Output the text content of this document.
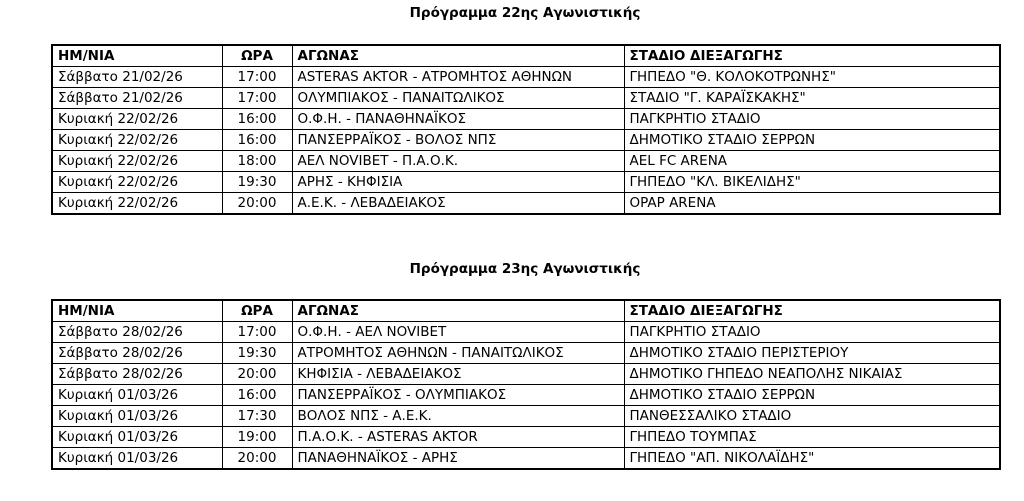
Πρόγραμμα 22ης Αγωνιστικής
ΗΜ/ΝΙΑ	ΩΡΑ	ΑΓΩΝΑΣ	ΣΤΑΔΙΟ ΔΙΕΞΑΓΩΓΗΣ
Σάββατο 21/02/26	17:00	ASTERAS AKTOR - ΑΤΡΟΜΗΤΟΣ ΑΘΗΝΩΝ	ΓΗΠΕΔΟ "Θ. ΚΟΛΟΚΟΤΡΩΝΗΣ"
Σάββατο 21/02/26	17:00	ΟΛΥΜΠΙΑΚΟΣ - ΠΑΝΑΙΤΩΛΙΚΟΣ	ΣΤΑΔΙΟ "Γ. ΚΑΡΑΪΣΚΑΚΗΣ"
Κυριακή 22/02/26	16:00	Ο.Φ.Η. - ΠΑΝΑΘΗΝΑΪΚΟΣ	ΠΑΓΚΡΗΤΙΟ ΣΤΑΔΙΟ
Κυριακή 22/02/26	16:00	ΠΑΝΣΕΡΡΑΪΚΟΣ - ΒΟΛΟΣ ΝΠΣ	ΔΗΜΟΤΙΚΟ ΣΤΑΔΙΟ ΣΕΡΡΩΝ
Κυριακή 22/02/26	18:00	ΑΕΛ NOVIBET - Π.Α.Ο.Κ.	AEL FC ARENA
Κυριακή 22/02/26	19:30	ΑΡΗΣ - ΚΗΦΙΣΙΑ	ΓΗΠΕΔΟ "ΚΛ. ΒΙΚΕΛΙΔΗΣ"
Κυριακή 22/02/26	20:00	Α.Ε.Κ. - ΛΕΒΑΔΕΙΑΚΟΣ	OPAP ARENA
Πρόγραμμα 23ης Αγωνιστικής
ΗΜ/ΝΙΑ	ΩΡΑ	ΑΓΩΝΑΣ	ΣΤΑΔΙΟ ΔΙΕΞΑΓΩΓΗΣ
Σάββατο 28/02/26	17:00	Ο.Φ.Η. - ΑΕΛ NOVIBET	ΠΑΓΚΡΗΤΙΟ ΣΤΑΔΙΟ
Σάββατο 28/02/26	19:30	ΑΤΡΟΜΗΤΟΣ ΑΘΗΝΩΝ - ΠΑΝΑΙΤΩΛΙΚΟΣ	ΔΗΜΟΤΙΚΟ ΣΤΑΔΙΟ ΠΕΡΙΣΤΕΡΙΟΥ
Σάββατο 28/02/26	20:00	ΚΗΦΙΣΙΑ - ΛΕΒΑΔΕΙΑΚΟΣ	ΔΗΜΟΤΙΚΟ ΓΗΠΕΔΟ ΝΕΑΠΟΛΗΣ ΝΙΚΑΙΑΣ
Κυριακή 01/03/26	16:00	ΠΑΝΣΕΡΡΑΪΚΟΣ - ΟΛΥΜΠΙΑΚΟΣ	ΔΗΜΟΤΙΚΟ ΣΤΑΔΙΟ ΣΕΡΡΩΝ
Κυριακή 01/03/26	17:30	ΒΟΛΟΣ ΝΠΣ - Α.Ε.Κ.	ΠΑΝΘΕΣΣΑΛΙΚΟ ΣΤΑΔΙΟ
Κυριακή 01/03/26	19:00	Π.Α.Ο.Κ. - ASTERAS AKTOR	ΓΗΠΕΔΟ ΤΟΥΜΠΑΣ
Κυριακή 01/03/26	20:00	ΠΑΝΑΘΗΝΑΪΚΟΣ - ΑΡΗΣ	ΓΗΠΕΔΟ "ΑΠ. ΝΙΚΟΛΑΪΔΗΣ"
